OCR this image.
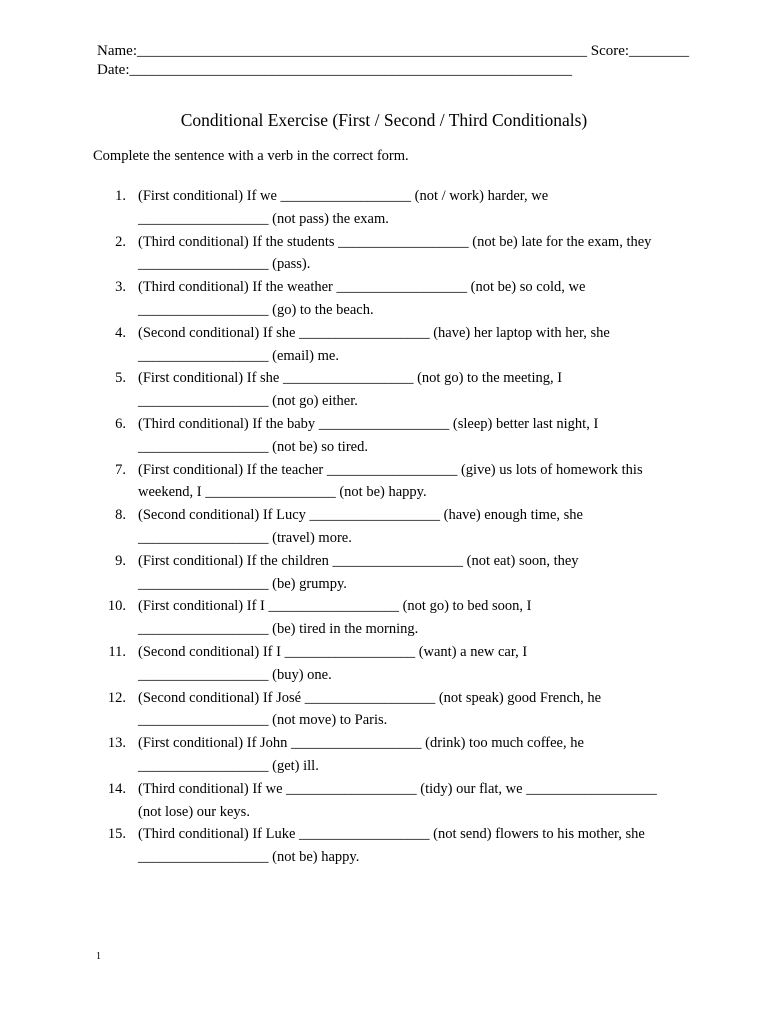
Name:____________________________________________________________ Score:________
Date:___________________________________________________________
Conditional Exercise (First / Second / Third Conditionals)
Complete the sentence with a verb in the correct form.
1. (First conditional) If we __________________ (not / work) harder, we
__________________ (not pass) the exam.
2. (Third conditional) If the students __________________ (not be) late for the exam, they
__________________ (pass).
3. (Third conditional) If the weather __________________ (not be) so cold, we
__________________ (go) to the beach.
4. (Second conditional) If she __________________ (have) her laptop with her, she
__________________ (email) me.
5. (First conditional) If she __________________ (not go) to the meeting, I
__________________ (not go) either.
6. (Third conditional) If the baby __________________ (sleep) better last night, I
__________________ (not be) so tired.
7. (First conditional) If the teacher __________________ (give) us lots of homework this
weekend, I __________________ (not be) happy.
8. (Second conditional) If Lucy __________________ (have) enough time, she
__________________ (travel) more.
9. (First conditional) If the children __________________ (not eat) soon, they
__________________ (be) grumpy.
10. (First conditional) If I __________________ (not go) to bed soon, I
__________________ (be) tired in the morning.
11. (Second conditional) If I __________________ (want) a new car, I
__________________ (buy) one.
12. (Second conditional) If José __________________ (not speak) good French, he
__________________ (not move) to Paris.
13. (First conditional) If John __________________ (drink) too much coffee, he
__________________ (get) ill.
14. (Third conditional) If we __________________ (tidy) our flat, we __________________
(not lose) our keys.
15. (Third conditional) If Luke __________________ (not send) flowers to his mother, she
__________________ (not be) happy.
1
